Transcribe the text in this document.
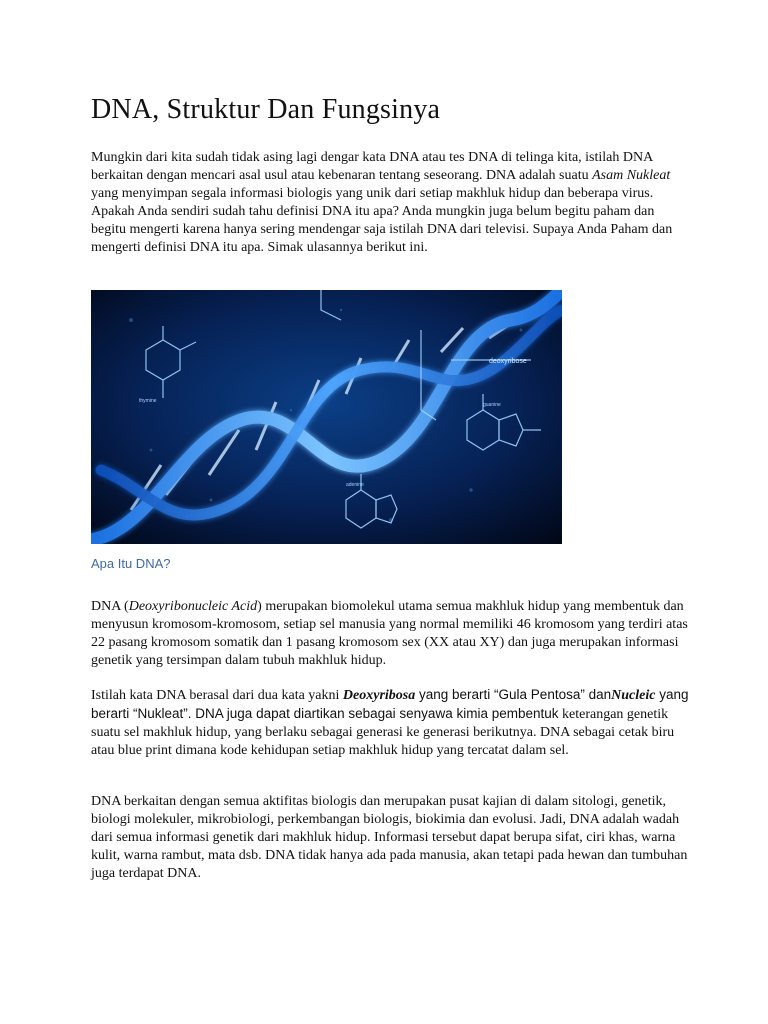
DNA, Struktur Dan Fungsinya

Mungkin dari kita sudah tidak asing lagi dengar kata DNA atau tes DNA di telinga kita, istilah DNA berkaitan dengan mencari asal usul atau kebenaran tentang seseorang. DNA adalah suatu Asam Nukleat yang menyimpan segala informasi biologis yang unik dari setiap makhluk hidup dan beberapa virus. Apakah Anda sendiri sudah tahu definisi DNA itu apa? Anda mungkin juga belum begitu paham dan begitu mengerti karena hanya sering mendengar saja istilah DNA dari televisi. Supaya Anda Paham dan mengerti definisi DNA itu apa. Simak ulasannya berikut ini.

deoxyribose
thymine
guanine
adenine
Apa Itu DNA?

DNA (Deoxyribonucleic Acid) merupakan biomolekul utama semua makhluk hidup yang membentuk dan menyusun kromosom-kromosom, setiap sel manusia yang normal memiliki 46 kromosom yang terdiri atas 22 pasang kromosom somatik dan 1 pasang kromosom sex (XX atau XY) dan juga merupakan informasi genetik yang tersimpan dalam tubuh makhluk hidup.

Istilah kata DNA berasal dari dua kata yakni Deoxyribosa yang berarti “Gula Pentosa” danNucleic yang berarti “Nukleat”. DNA juga dapat diartikan sebagai senyawa kimia pembentuk keterangan genetik suatu sel makhluk hidup, yang berlaku sebagai generasi ke generasi berikutnya. DNA sebagai cetak biru atau blue print dimana kode kehidupan setiap makhluk hidup yang tercatat dalam sel.

DNA berkaitan dengan semua aktifitas biologis dan merupakan pusat kajian di dalam sitologi, genetik, biologi molekuler, mikrobiologi, perkembangan biologis, biokimia dan evolusi. Jadi, DNA adalah wadah dari semua informasi genetik dari makhluk hidup. Informasi tersebut dapat berupa sifat, ciri khas, warna kulit, warna rambut, mata dsb. DNA tidak hanya ada pada manusia, akan tetapi pada hewan dan tumbuhan juga terdapat DNA.
